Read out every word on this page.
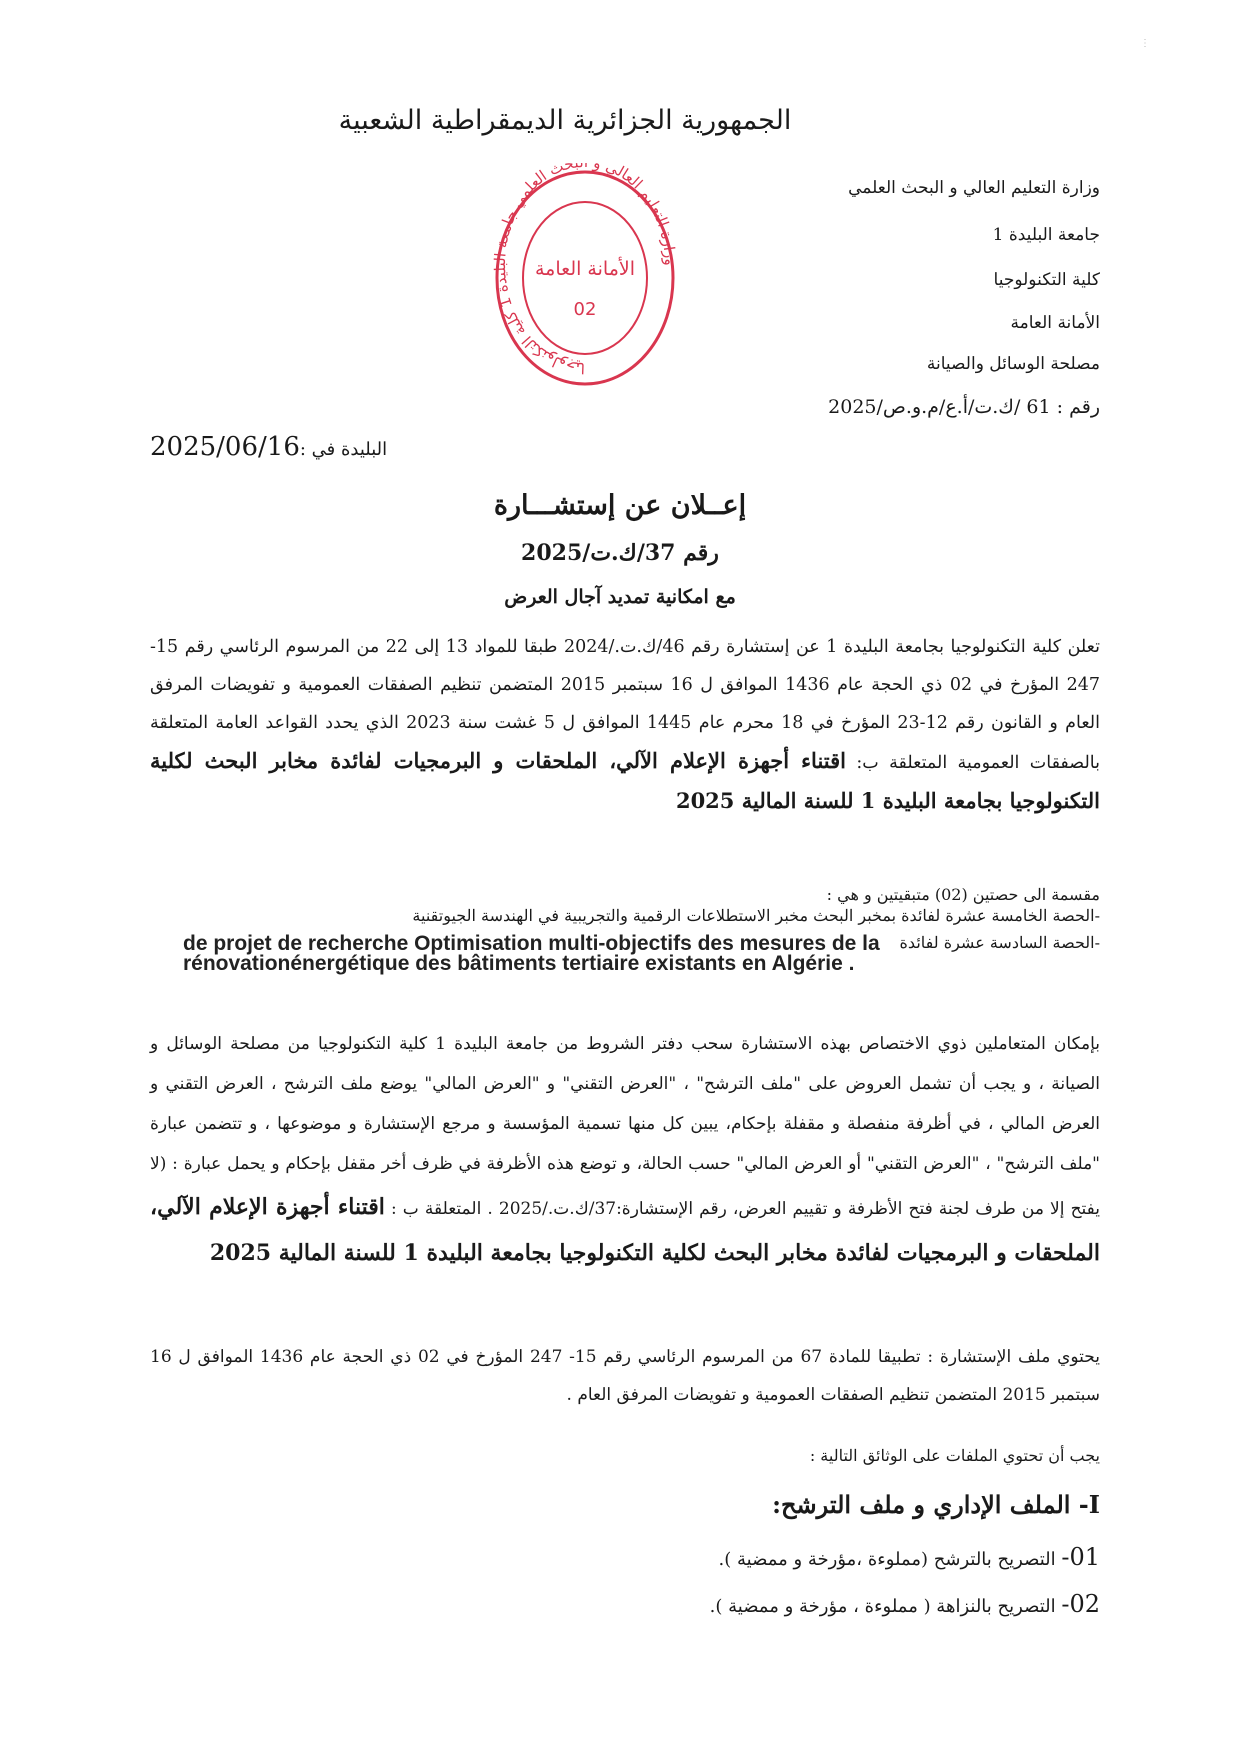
⋮
الجمهورية الجزائرية الديمقراطية الشعبية
وزارة التعليم العالي و البحث العلمي
جامعة البليدة 1
كلية التكنولوجيا
الأمانة العامة
مصلحة الوسائل والصيانة
رقم : 61 /ك.ت/أ.ع/م.و.ص/2025
وزارة التعليم العالي و حث العلمي جامعة البليدة 1 كلية التكنولوجيا
الأمانة العامة
02
البليدة في :2025/06/16
إعــلان عن إستشـــارة
رقم 37/ك.ت/2025
مع امكانية تمديد آجال العرض
تعلن كلية التكنولوجيا بجامعة البليدة 1 عن إستشارة رقم 46/ك.ت./2024 طبقا للمواد 13 إلى 22 من المرسوم الرئاسي رقم 15-247 المؤرخ في 02 ذي الحجة عام 1436 الموافق ل 16 سبتمبر 2015 المتضمن تنظيم الصفقات العمومية و تفويضات المرفق العام و القانون رقم 12-23 المؤرخ في 18 محرم عام 1445 الموافق ل 5 غشت سنة 2023 الذي يحدد القواعد العامة المتعلقة بالصفقات العمومية المتعلقة ب: اقتناء أجهزة الإعلام الآلي، الملحقات و البرمجيات لفائدة مخابر البحث لكلية التكنولوجيا بجامعة البليدة 1 للسنة المالية 2025
مقسمة الى حصتين (02) متبقيتين و هي :
-الحصة الخامسة عشرة لفائدة بمخبر البحث مخبر الاستطلاعات الرقمية والتجريبية في الهندسة الجيوتقنية
-الحصة السادسة عشرة لفائدة
de projet de recherche Optimisation multi-objectifs des mesures de la
rénovationénergétique des bâtiments tertiaire existants en Algérie .
بإمكان المتعاملين ذوي الاختصاص بهذه الاستشارة سحب دفتر الشروط من جامعة البليدة 1 كلية التكنولوجيا من مصلحة الوسائل و الصيانة ، و يجب أن تشمل العروض على "ملف الترشح" ، "العرض التقني" و "العرض المالي" يوضع ملف الترشح ، العرض التقني و العرض المالي ، في أظرفة منفصلة و مقفلة بإحكام، يبين كل منها تسمية المؤسسة و مرجع الإستشارة و موضوعها ، و تتضمن عبارة "ملف الترشح" ، "العرض التقني" أو العرض المالي" حسب الحالة، و توضع هذه الأظرفة في ظرف أخر مقفل بإحكام و يحمل عبارة : (لا يفتح إلا من طرف لجنة فتح الأظرفة و تقييم العرض، رقم الإستشارة:37/ك.ت./2025 . المتعلقة ب : اقتناء أجهزة الإعلام الآلي، الملحقات و البرمجيات لفائدة مخابر البحث لكلية التكنولوجيا بجامعة البليدة 1 للسنة المالية 2025
يحتوي ملف الإستشارة : تطبيقا للمادة 67 من المرسوم الرئاسي رقم 15- 247 المؤرخ في 02 ذي الحجة عام 1436 الموافق ل 16 سبتمبر 2015 المتضمن تنظيم الصفقات العمومية و تفويضات المرفق العام .
يجب أن تحتوي الملفات على الوثائق التالية :
I- الملف الإداري و ملف الترشح:
01- التصريح بالترشح (مملوءة ،مؤرخة و ممضية ).
02- التصريح بالنزاهة ( مملوءة ، مؤرخة و ممضية ).
